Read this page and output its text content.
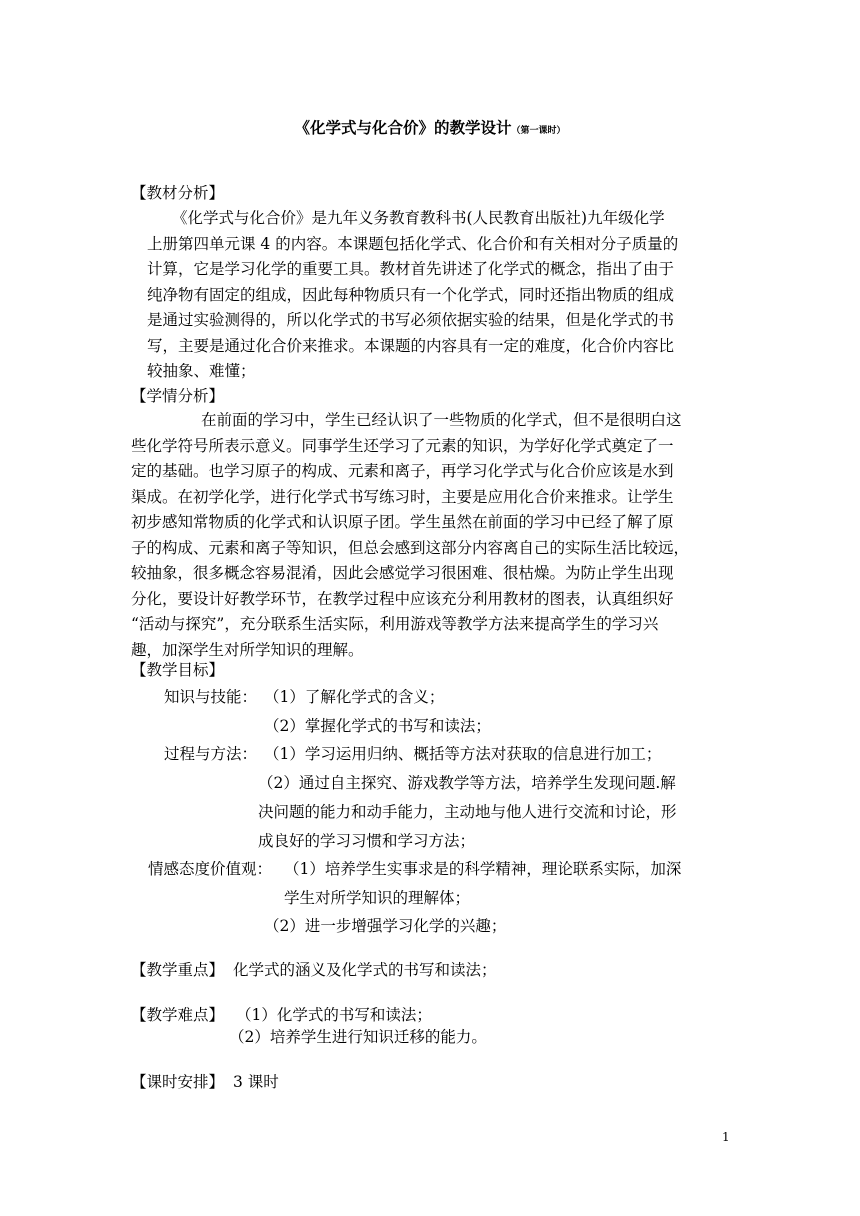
《化学式与化合价》的教学设计（第一课时）
【教材分析】
《化学式与化合价》是九年义务教育教科书(人民教育出版社)九年级化学
上册第四单元课 4 的内容。本课题包括化学式、化合价和有关相对分子质量的
计算，它是学习化学的重要工具。教材首先讲述了化学式的概念，指出了由于
纯净物有固定的组成，因此每种物质只有一个化学式，同时还指出物质的组成
是通过实验测得的，所以化学式的书写必须依据实验的结果，但是化学式的书
写，主要是通过化合价来推求。本课题的内容具有一定的难度，化合价内容比
较抽象、难懂；
【学情分析】
在前面的学习中，学生已经认识了一些物质的化学式，但不是很明白这
些化学符号所表示意义。同事学生还学习了元素的知识，为学好化学式奠定了一
定的基础。也学习原子的构成、元素和离子，再学习化学式与化合价应该是水到
渠成。在初学化学，进行化学式书写练习时，主要是应用化合价来推求。让学生
初步感知常物质的化学式和认识原子团。学生虽然在前面的学习中已经了解了原
子的构成、元素和离子等知识，但总会感到这部分内容离自己的实际生活比较远，
较抽象，很多概念容易混淆，因此会感觉学习很困难、很枯燥。为防止学生出现
分化，要设计好教学环节，在教学过程中应该充分利用教材的图表，认真组织好
“活动与探究”，充分联系生活实际，利用游戏等教学方法来提高学生的学习兴
趣，加深学生对所学知识的理解。
【教学目标】
知识与技能： （1）了解化学式的含义；
（2）掌握化学式的书写和读法；
过程与方法： （1）学习运用归纳、概括等方法对获取的信息进行加工；
（2）通过自主探究、游戏教学等方法，培养学生发现问题.解
决问题的能力和动手能力，主动地与他人进行交流和讨论，形
成良好的学习习惯和学习方法；
情感态度价值观： （1）培养学生实事求是的科学精神，理论联系实际，加深
学生对所学知识的理解体；
（2）进一步增强学习化学的兴趣；
【教学重点】 化学式的涵义及化学式的书写和读法；
【教学难点】 （1）化学式的书写和读法；
（2）培养学生进行知识迁移的能力。
【课时安排】 3 课时
1
